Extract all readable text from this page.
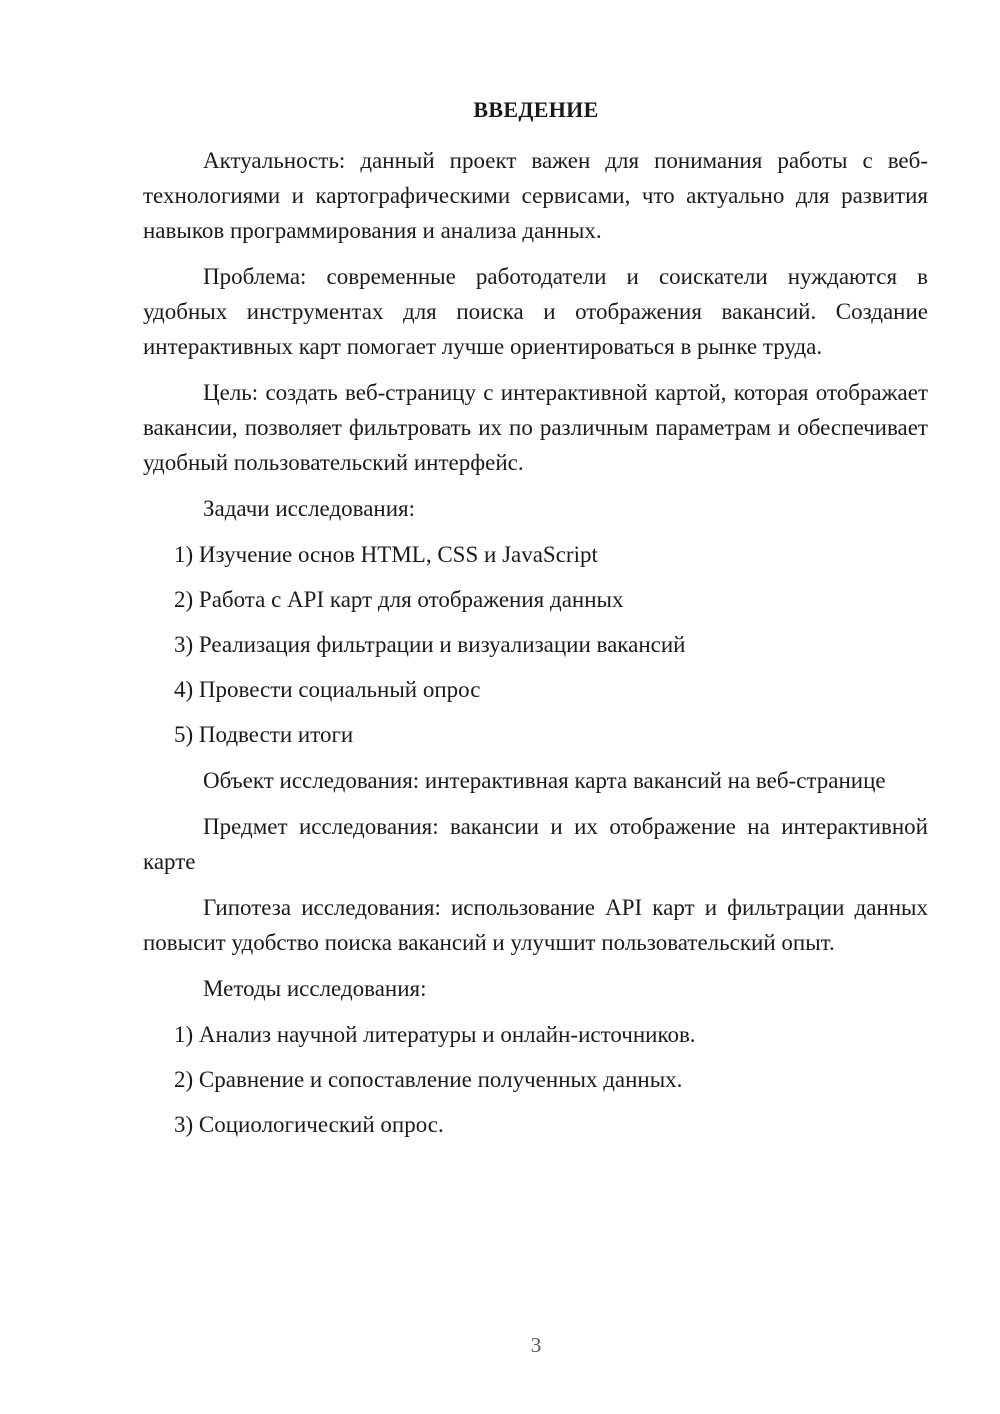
ВВЕДЕНИЕ

Актуальность: данный проект важен для понимания работы с веб-технологиями и картографическими сервисами, что актуально для развития навыков программирования и анализа данных.

Проблема: современные работодатели и соискатели нуждаются в удобных инструментах для поиска и отображения вакансий. Создание интерактивных карт помогает лучше ориентироваться в рынке труда.

Цель: создать веб-страницу с интерактивной картой, которая отображает вакансии, позволяет фильтровать их по различным параметрам и обеспечивает удобный пользовательский интерфейс.

Задачи исследования:

1) Изучение основ HTML, CSS и JavaScript
2) Работа с API карт для отображения данных
3) Реализация фильтрации и визуализации вакансий
4) Провести социальный опрос
5) Подвести итоги

Объект исследования: интерактивная карта вакансий на веб-странице

Предмет исследования: вакансии и их отображение на интерактивной карте

Гипотеза исследования: использование API карт и фильтрации данных повысит удобство поиска вакансий и улучшит пользовательский опыт.

Методы исследования:

1) Анализ научной литературы и онлайн-источников.
2) Сравнение и сопоставление полученных данных.
3) Социологический опрос.
3
